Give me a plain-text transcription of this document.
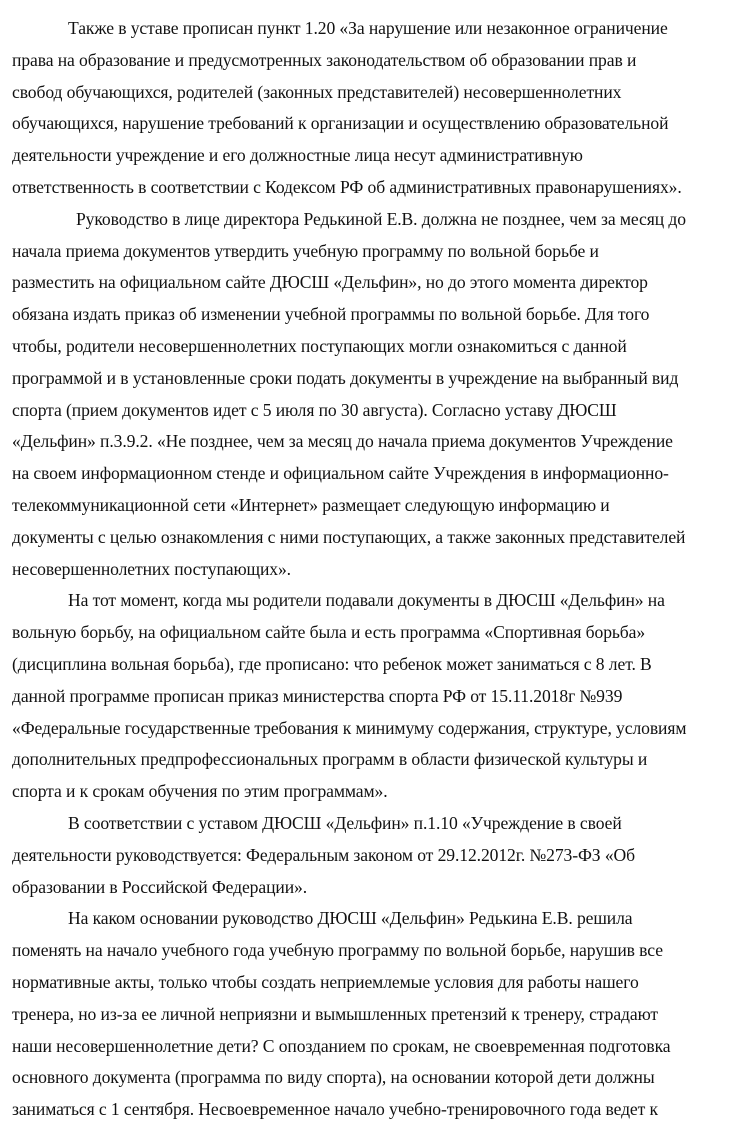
Также в уставе прописан пункт 1.20 «За нарушение или незаконное ограничение
права на образование и предусмотренных законодательством об образовании прав и
свобод обучающихся, родителей (законных представителей) несовершеннолетних
обучающихся, нарушение требований к организации и осуществлению образовательной
деятельности учреждение и его должностные лица несут административную
ответственность в соответствии с Кодексом РФ об административных правонарушениях».
Руководство в лице директора Редькиной Е.В. должна не позднее, чем за месяц до
начала приема документов утвердить учебную программу по вольной борьбе и
разместить на официальном сайте ДЮСШ «Дельфин», но до этого момента директор
обязана издать приказ об изменении учебной программы по вольной борьбе. Для того
чтобы, родители несовершеннолетних поступающих могли ознакомиться с данной
программой и в установленные сроки подать документы в учреждение на выбранный вид
спорта (прием документов идет с 5 июля по 30 августа). Согласно уставу ДЮСШ
«Дельфин» п.3.9.2. «Не позднее, чем за месяц до начала приема документов Учреждение
на своем информационном стенде и официальном сайте Учреждения в информационно-
телекоммуникационной сети «Интернет» размещает следующую информацию и
документы с целью ознакомления с ними поступающих, а также законных представителей
несовершеннолетних поступающих».
На тот момент, когда мы родители подавали документы в ДЮСШ «Дельфин» на
вольную борьбу, на официальном сайте была и есть программа «Спортивная борьба»
(дисциплина вольная борьба), где прописано: что ребенок может заниматься с 8 лет. В
данной программе прописан приказ министерства спорта РФ от 15.11.2018г №939
«Федеральные государственные требования к минимуму содержания, структуре, условиям
дополнительных предпрофессиональных программ в области физической культуры и
спорта и к срокам обучения по этим программам».
В соответствии с уставом ДЮСШ «Дельфин» п.1.10 «Учреждение в своей
деятельности руководствуется: Федеральным законом от 29.12.2012г. №273-ФЗ «Об
образовании в Российской Федерации».
На каком основании руководство ДЮСШ «Дельфин» Редькина Е.В. решила
поменять на начало учебного года учебную программу по вольной борьбе, нарушив все
нормативные акты, только чтобы создать неприемлемые условия для работы нашего
тренера, но из-за ее личной неприязни и вымышленных претензий к тренеру, страдают
наши несовершеннолетние дети? С опозданием по срокам, не своевременная подготовка
основного документа (программа по виду спорта), на основании которой дети должны
заниматься с 1 сентября. Несвоевременное начало учебно-тренировочного года ведет к
